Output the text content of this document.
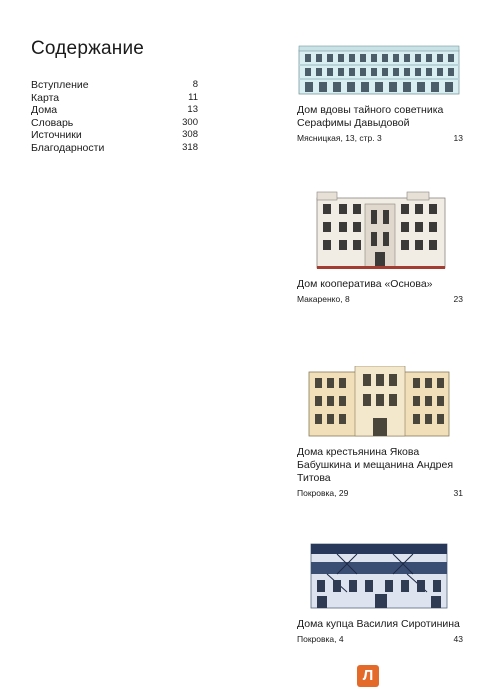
Содержание
Вступление	8
Карта	11
Дома	13
Словарь	300
Источники	308
Благодарности	318
Дом вдовы тайного советника Серафимы Давыдовой
Мясницкая, 13, стр. 3	13
Дом кооператива «Основа»
Макаренко, 8	23
Дома крестьянина Якова Бабушкина и мещанина Андрея Титова
Покровка, 29	31
Дома купца Василия Сиротинина
Покровка, 4	43
Л
